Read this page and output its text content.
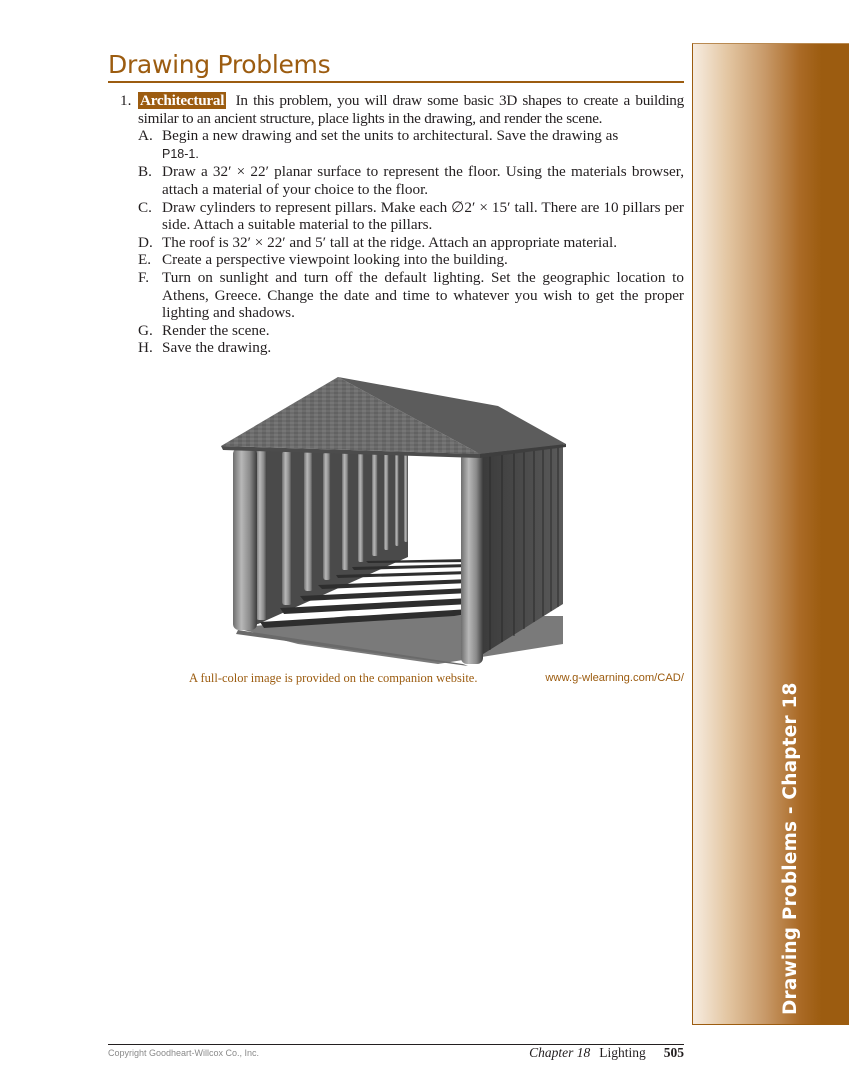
Drawing Problems - Chapter 18
Drawing Problems
1. Architectural In this problem, you will draw some basic 3D shapes to create a building similar to an ancient structure, place lights in the drawing, and render the scene.
A. Begin a new drawing and set the units to architectural. Save the drawing as
P18-1.
B. Draw a 32′ × 22′ planar surface to represent the floor. Using the materials browser, attach a material of your choice to the floor.
C. Draw cylinders to represent pillars. Make each ∅2′ × 15′ tall. There are 10 pillars per side. Attach a suitable material to the pillars.
D. The roof is 32′ × 22′ and 5′ tall at the ridge. Attach an appropriate material.
E. Create a perspective viewpoint looking into the building.
F. Turn on sunlight and turn off the default lighting. Set the geographic location to Athens, Greece. Change the date and time to whatever you wish to get the proper lighting and shadows.
G. Render the scene.
H. Save the drawing.
A full-color image is provided on the companion website.	www.g-wlearning.com/CAD/
Copyright Goodheart-Willcox Co., Inc.	Chapter 18 Lighting 505
